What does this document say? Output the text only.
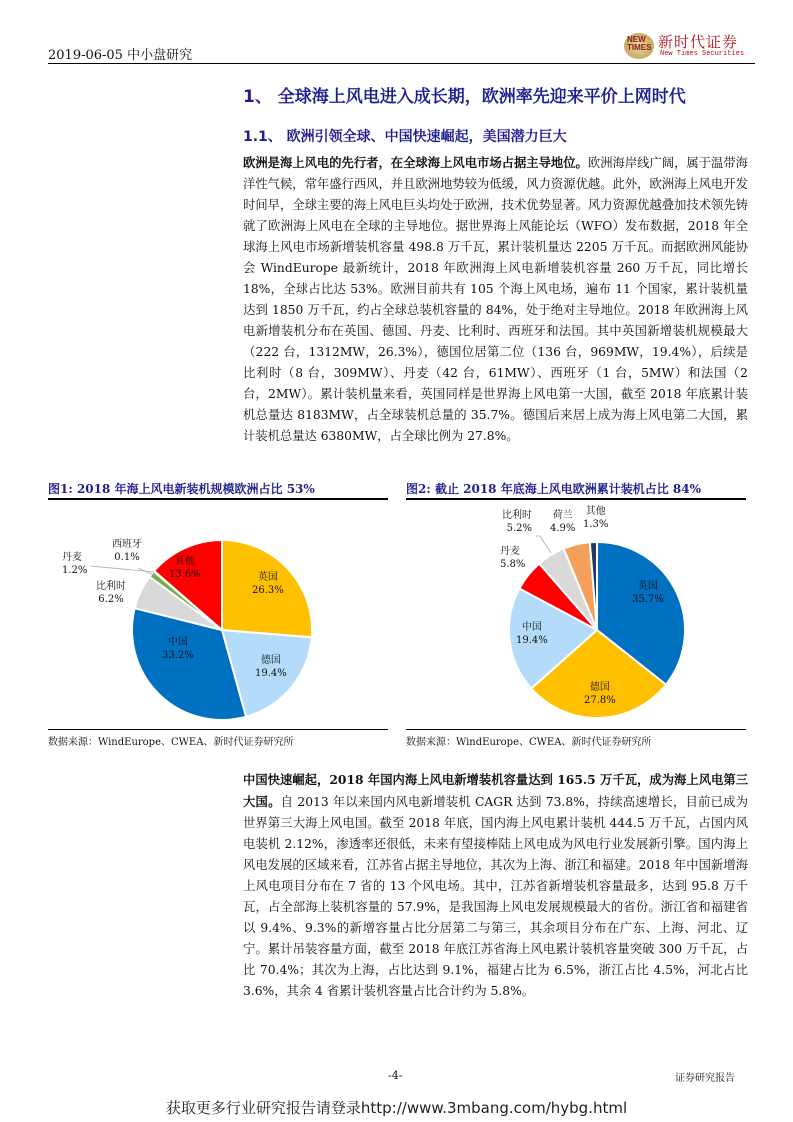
2019-06-05 中小盘研究
NEW TIMES 新时代证券
New Times Securities
1、 全球海上风电进入成长期，欧洲率先迎来平价上网时代
1.1、 欧洲引领全球、中国快速崛起，美国潜力巨大
欧洲是海上风电的先行者，在全球海上风电市场占据主导地位。欧洲海岸线广阔，属于温带海洋性气候，常年盛行西风，并且欧洲地势较为低缓，风力资源优越。此外，欧洲海上风电开发时间早，全球主要的海上风电巨头均处于欧洲，技术优势显著。风力资源优越叠加技术领先铸就了欧洲海上风电在全球的主导地位。据世界海上风能论坛（WFO）发布数据，2018 年全球海上风电市场新增装机容量 498.8 万千瓦，累计装机量达 2205 万千瓦。而据欧洲风能协会 WindEurope 最新统计，2018 年欧洲海上风电新增装机容量 260 万千瓦，同比增长 18%，全球占比达 53%。欧洲目前共有 105 个海上风电场，遍布 11 个国家，累计装机量达到 1850 万千瓦，约占全球总装机容量的 84%，处于绝对主导地位。2018 年欧洲海上风电新增装机分布在英国、德国、丹麦、比利时、西班牙和法国。其中英国新增装机规模最大（222 台，1312MW，26.3%），德国位居第二位（136 台，969MW，19.4%），后续是比利时（8 台，309MW）、丹麦（42 台，61MW）、西班牙（1 台，5MW）和法国（2 台，2MW）。累计装机量来看，英国同样是世界海上风电第一大国，截至 2018 年底累计装机总量达 8183MW，占全球装机总量的 35.7%。德国后来居上成为海上风电第二大国，累计装机总量达 6380MW，占全球比例为 27.8%。
图1: 2018 年海上风电新装机规模欧洲占比 53%
丹麦
1.2%
西班牙
0.1%
比利时
6.2%
其他
13.6%	英国
26.3%
德国
19.4%
中国
33.2%
数据来源：WindEurope、CWEA、新时代证券研究所
图2: 截止 2018 年底海上风电欧洲累计装机占比 84%
比利时
5.2%
荷兰
4.9%
其他
1.3%
丹麦
5.8%
英国
35.7%
中国
19.4%
德国
27.8%
数据来源：WindEurope、CWEA、新时代证券研究所
中国快速崛起，2018 年国内海上风电新增装机容量达到 165.5 万千瓦，成为海上风电第三大国。自 2013 年以来国内风电新增装机 CAGR 达到 73.8%，持续高速增长，目前已成为世界第三大海上风电国。截至 2018 年底，国内海上风电累计装机 444.5 万千瓦，占国内风电装机 2.12%，渗透率还很低，未来有望接棒陆上风电成为风电行业发展新引擎。国内海上风电发展的区域来看，江苏省占据主导地位，其次为上海、浙江和福建。2018 年中国新增海上风电项目分布在 7 省的 13 个风电场。其中，江苏省新增装机容量最多，达到 95.8 万千瓦，占全部海上装机容量的 57.9%，是我国海上风电发展规模最大的省份。浙江省和福建省以 9.4%、9.3%的新增容量占比分居第二与第三，其余项目分布在广东、上海、河北、辽宁。累计吊装容量方面，截至 2018 年底江苏省海上风电累计装机容量突破 300 万千瓦，占比 70.4%；其次为上海，占比达到 9.1%，福建占比为 6.5%，浙江占比 4.5%，河北占比 3.6%，其余 4 省累计装机容量占比合计约为 5.8%。
-4-	证券研究报告
获取更多行业研究报告请登录http://www.3mbang.com/hybg.html
